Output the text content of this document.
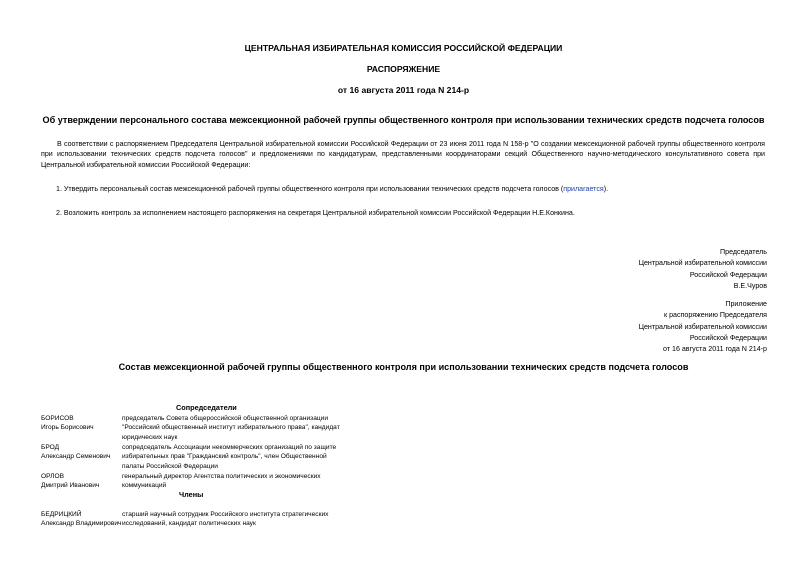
ЦЕНТРАЛЬНАЯ ИЗБИРАТЕЛЬНАЯ КОМИССИЯ РОССИЙСКОЙ ФЕДЕРАЦИИ
РАСПОРЯЖЕНИЕ
от 16 августа 2011 года N 214-р
Об утверждении персонального состава межсекционной рабочей группы общественного контроля при использовании технических средств подсчета голосов
В соответствии с распоряжением Председателя Центральной избирательной комиссии Российской Федерации от 23 июня 2011 года N 158-р "О создании межсекционной рабочей группы общественного контроля при использовании технических средств подсчета голосов" и предложениями по кандидатурам, представленными координаторами секций Общественного научно-методического консультативного совета при Центральной избирательной комиссии Российской Федерации:
1. Утвердить персональный состав межсекционной рабочей группы общественного контроля при использовании технических средств подсчета голосов (прилагается).
2. Возложить контроль за исполнением настоящего распоряжения на секретаря Центральной избирательной комиссии Российской Федерации Н.Е.Конкина.
Председатель
Центральной избирательной комиссии
Российской Федерации
В.Е.Чуров
Приложение
к распоряжению Председателя
Центральной избирательной комиссии
Российской Федерации
от 16 августа 2011 года N 214-р
Состав межсекционной рабочей группы общественного контроля при использовании технических средств подсчета голосов
Сопредседатели
БОРИСОВ
Игорь Борисович
председатель Совета общероссийской общественной организации "Российский общественный институт избирательного права", кандидат юридических наук
БРОД
Александр Семенович
сопредседатель Ассоциации некоммерческих организаций по защите избирательных прав "Гражданский контроль", член Общественной палаты Российской Федерации
ОРЛОВ
Дмитрий Иванович
генеральный директор Агентства политических и экономических коммуникаций
Члены
БЕДРИЦКИЙ
Александр Владимирович
старший научный сотрудник Российского института стратегических исследований, кандидат политических наук
